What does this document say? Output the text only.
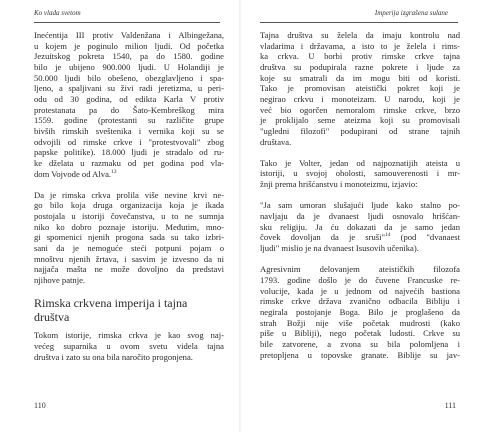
Ko vlada svetom

Inećentija III protiv Valdenžana i Albingežana,
u kojem je poginulo milion ljudi. Od početka
Jezuitskog pokreta 1540, pa do 1580. godine
bilo je ubijeno 900.000 ljudi. U Holandiji je
50.000 ljudi bilo obešeno, obezglavljeno i spa-
ljeno, a spaljivani su živi radi jeretizma, u peri-
odu od 30 godina, od edikta Karla V protiv
protestanata pa do Šato-Kembreškog mira
1559. godine (protestanti su različite grupe
bivših rimskih sveštenika i vernika koji su se
odvojili od rimske crkve i "protestvovali" zbog
papske politike). 18.000 ljudi je stradalo od ru-
ke dželata u razmaku od pet godina pod vla-
dom Vojvode od Alva.$^{13}$

Da je rimska crkva prolila više nevine krvi ne-
go bilo koja druga organizacija koja je ikada
postojala u istoriji čovečanstva, u to ne sumnja
niko ko dobro poznaje istoriju. Međutim, mno-
gi spomenici njenih progona sada su tako izbri-
sani da je nemoguće steći potpuni pojam o
mnoštvu njenih žrtava, i sasvim je izvesno da ni
najjača mašta ne može dovoljno da predstavi
njihove patnje.

Rimska crkvena imperija i tajna društva

Tokom istorije, rimska crkva je kao svog naj-
većeg suparnika u ovom svetu videla tajna
društva i zato su ona bila naročito progonjena.

110
Imperija izgrašena sulane

Tajna društva su želela da imaju kontrolu nad
vladarima i državama, a isto to je želela i rims-
ka crkva. U borbi protiv rimske crkve tajna
društva su podupirala razne pokrete i ljude za
koje su smatrali da im mogu biti od koristi.
Tako je promovisan ateistički pokret koji je
negirao crkvu i monoteizam. U narodu, koji je
već bio ogorčen nemoralom rimske crkve, brzo
je proklijalo seme ateizma koji su promovisali
"ugledni filozofi" podupirani od strane tajnih
društava.

Tako je Volter, jedan od najpoznatijih ateista u
istoriji, u svojoj oholosti, samouverenosti i mr-
žnji prema hrišćanstvu i monoteizmu, izjavio:

"Ja sam umoran slušajući ljude kako stalno po-
navljaju da je dvanaest ljudi osnovalo hrišćan-
sku religiju. Ja ću dokazati da je samo jedan
čovek dovoljan da je sruši"$^{14}$ (pod "dvanaest
ljudi" mislio je na dvanaest Isusovih učenika).

Agresivnim delovanjem ateističkih filozofa
1793. godine došlo je do čuvene Francuske re-
volucije, kada je u jednom od najvećih bastiona
rimske crkve država zvanično odbacila Bibliju i
negirala postojanje Boga. Bilo je proglašeno da
strah Božji nije više početak mudrosti (kako
piše u Bibliji), nego početak ludosti. Crkve su
bile zatvorene, a zvona su bila polomljena i
pretopljena u topovske granate. Biblije su jav-

111
